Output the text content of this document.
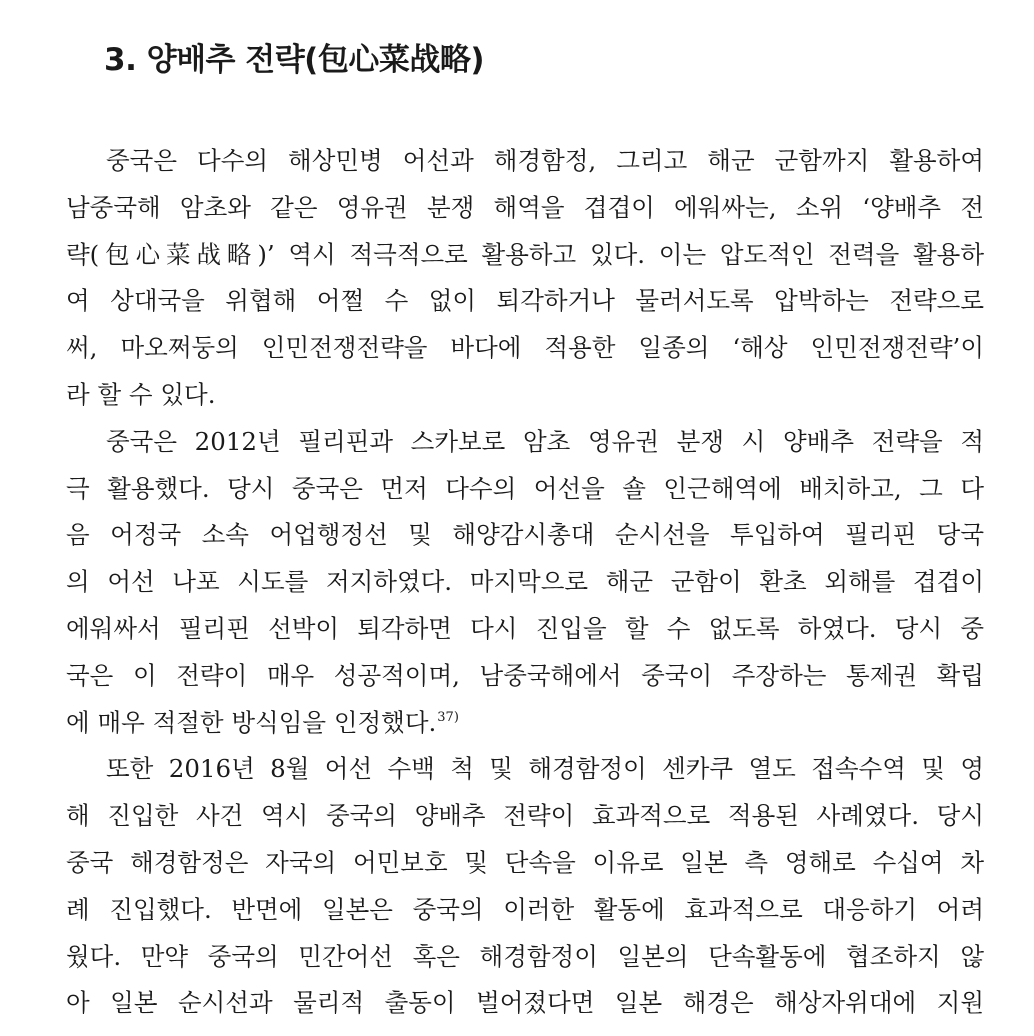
3. 양배추 전략(包心菜战略)
중국은 다수의 해상민병 어선과 해경함정, 그리고 해군 군함까지 활용하여
남중국해 암초와 같은 영유권 분쟁 해역을 겹겹이 에워싸는, 소위 ‘양배추 전
략(包心菜战略)’ 역시 적극적으로 활용하고 있다. 이는 압도적인 전력을 활용하
여 상대국을 위협해 어쩔 수 없이 퇴각하거나 물러서도록 압박하는 전략으로
써, 마오쩌둥의 인민전쟁전략을 바다에 적용한 일종의 ‘해상 인민전쟁전략’이
라 할 수 있다.
중국은 2012년 필리핀과 스카보로 암초 영유권 분쟁 시 양배추 전략을 적
극 활용했다. 당시 중국은 먼저 다수의 어선을 숄 인근해역에 배치하고, 그 다
음 어정국 소속 어업행정선 및 해양감시총대 순시선을 투입하여 필리핀 당국
의 어선 나포 시도를 저지하였다. 마지막으로 해군 군함이 환초 외해를 겹겹이
에워싸서 필리핀 선박이 퇴각하면 다시 진입을 할 수 없도록 하였다. 당시 중
국은 이 전략이 매우 성공적이며, 남중국해에서 중국이 주장하는 통제권 확립
에 매우 적절한 방식임을 인정했다.$^{37)}$
또한 2016년 8월 어선 수백 척 및 해경함정이 센카쿠 열도 접속수역 및 영
해 진입한 사건 역시 중국의 양배추 전략이 효과적으로 적용된 사례였다. 당시
중국 해경함정은 자국의 어민보호 및 단속을 이유로 일본 측 영해로 수십여 차
례 진입했다. 반면에 일본은 중국의 이러한 활동에 효과적으로 대응하기 어려
웠다. 만약 중국의 민간어선 혹은 해경함정이 일본의 단속활동에 협조하지 않
아 일본 순시선과 물리적 출동이 벌어졌다면 일본 해경은 해상자위대에 지원
